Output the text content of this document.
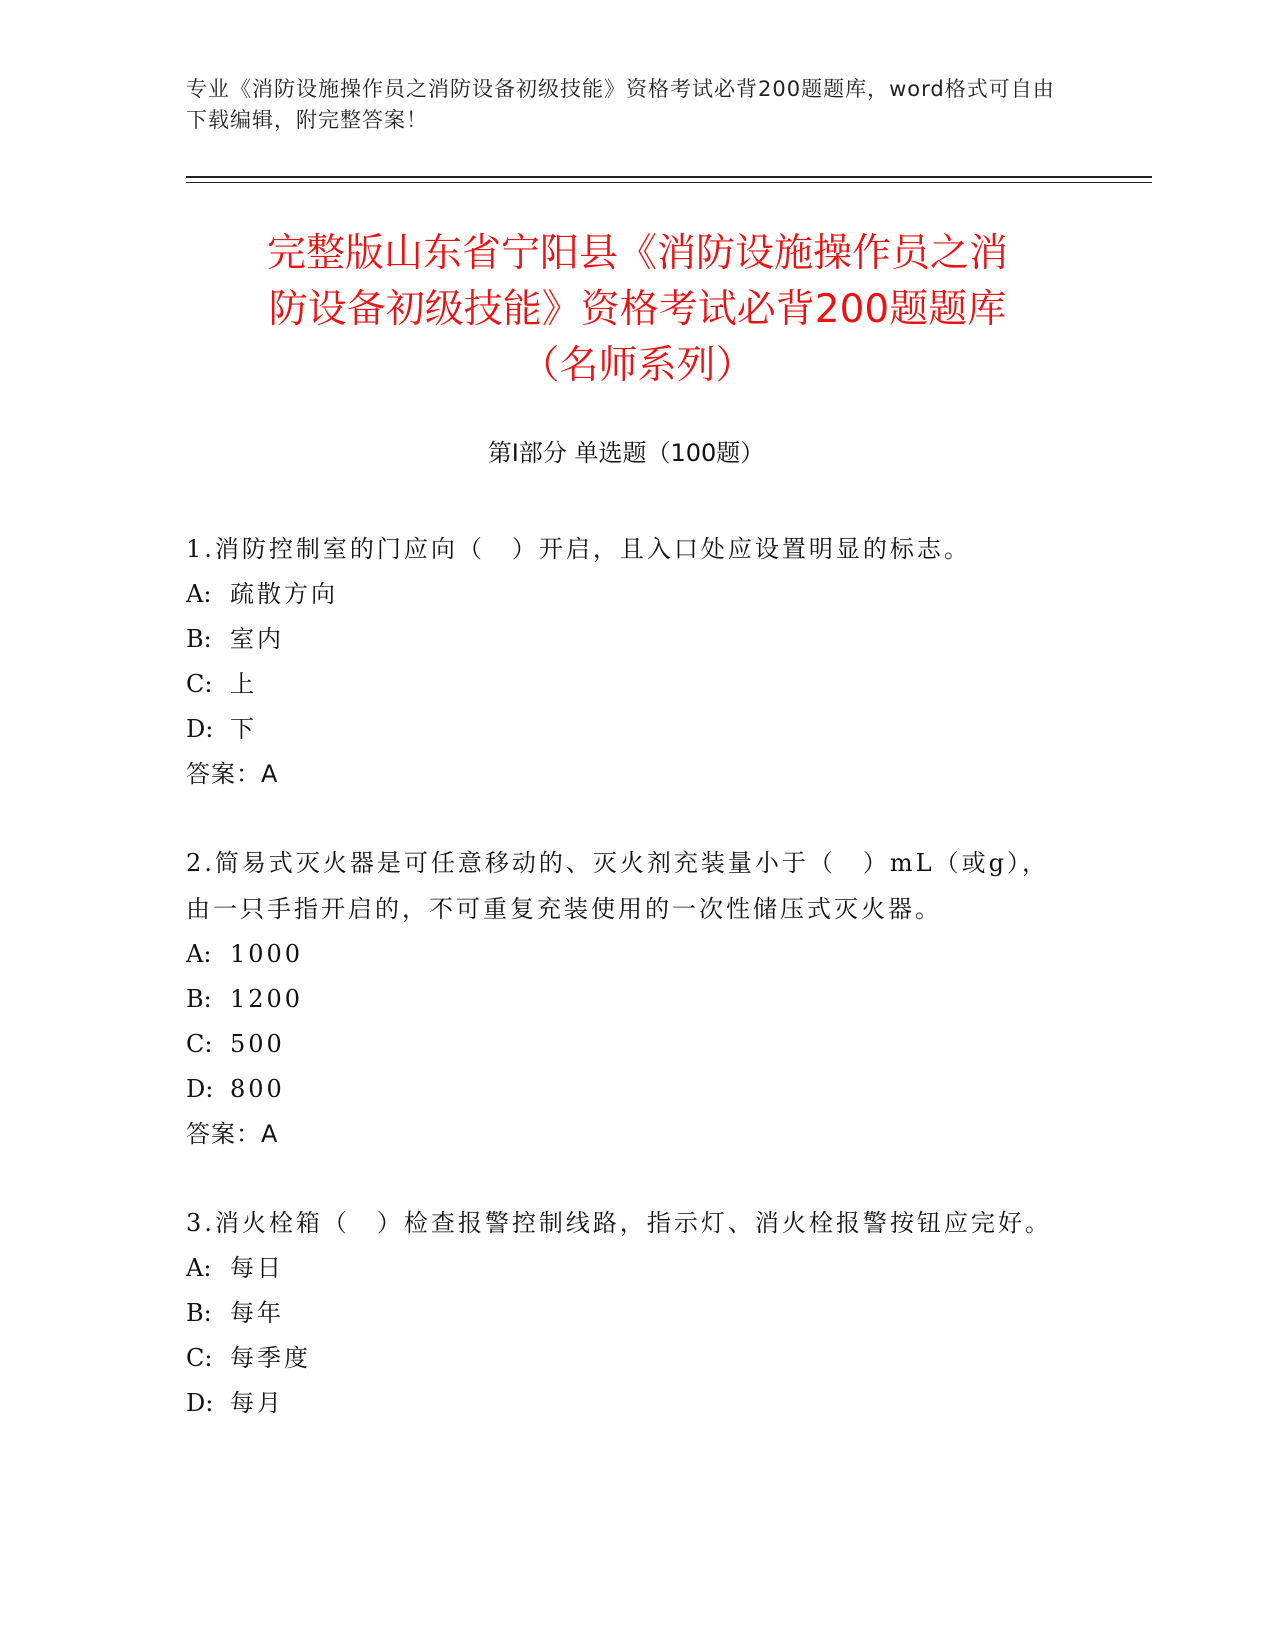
专业《消防设施操作员之消防设备初级技能》资格考试必背200题题库，word格式可自由下载编辑，附完整答案！
完整版山东省宁阳县《消防设施操作员之消
防设备初级技能》资格考试必背200题题库
（名师系列）
第Ⅰ部分 单选题（100题）

1.消防控制室的门应向（　）开启，且入口处应设置明显的标志。

A: 疏散方向

B: 室内

C: 上

D: 下

答案：A

2.简易式灭火器是可任意移动的、灭火剂充装量小于（　）mL（或g），由一只手指开启的，不可重复充装使用的一次性储压式灭火器。

A: 1000

B: 1200

C: 500

D: 800

答案：A

3.消火栓箱（　）检查报警控制线路，指示灯、消火栓报警按钮应完好。

A: 每日

B: 每年

C: 每季度

D: 每月
